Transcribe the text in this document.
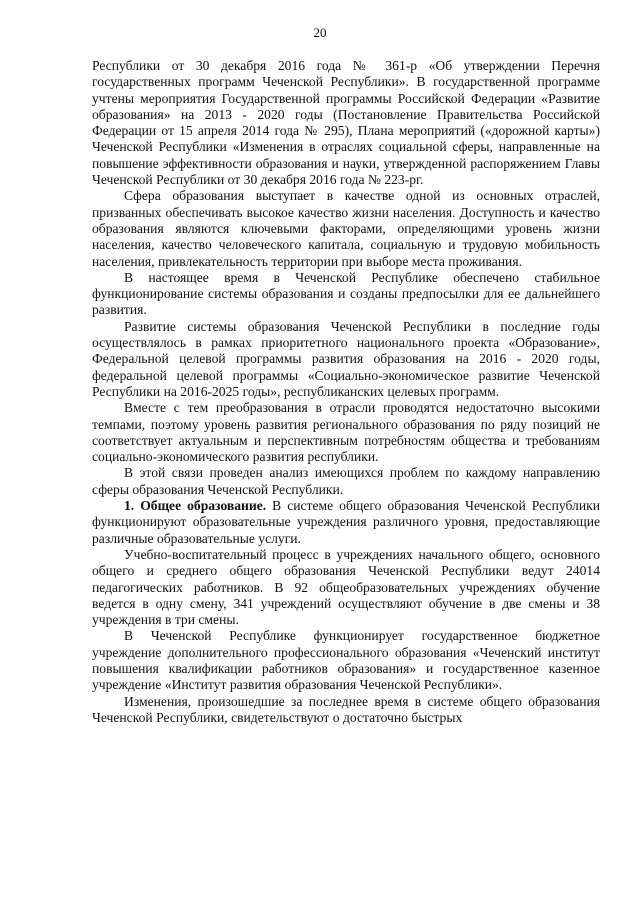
20

Республики от 30 декабря 2016 года № 361-р «Об утверждении Перечня государственных программ Чеченской Республики». В государственной программе учтены мероприятия Государственной программы Российской Федерации «Развитие образования» на 2013 - 2020 годы (Постановление Правительства Российской Федерации от 15 апреля 2014 года № 295), Плана мероприятий («дорожной карты») Чеченской Республики «Изменения в отраслях социальной сферы, направленные на повышение эффективности образования и науки, утвержденной распоряжением Главы Чеченской Республики от 30 декабря 2016 года № 223-рг.

Сфера образования выступает в качестве одной из основных отраслей, призванных обеспечивать высокое качество жизни населения. Доступность и качество образования являются ключевыми факторами, определяющими уровень жизни населения, качество человеческого капитала, социальную и трудовую мобильность населения, привлекательность территории при выборе места проживания.

В настоящее время в Чеченской Республике обеспечено стабильное функционирование системы образования и созданы предпосылки для ее дальнейшего развития.

Развитие системы образования Чеченской Республики в последние годы осуществлялось в рамках приоритетного национального проекта «Образование», Федеральной целевой программы развития образования на 2016 - 2020 годы, федеральной целевой программы «Социально-экономическое развитие Чеченской Республики на 2016-2025 годы», республиканских целевых программ.

Вместе с тем преобразования в отрасли проводятся недостаточно высокими темпами, поэтому уровень развития регионального образования по ряду позиций не соответствует актуальным и перспективным потребностям общества и требованиям социально-экономического развития республики.

В этой связи проведен анализ имеющихся проблем по каждому направлению сферы образования Чеченской Республики.

1. Общее образование. В системе общего образования Чеченской Республики функционируют образовательные учреждения различного уровня, предоставляющие различные образовательные услуги.

Учебно-воспитательный процесс в учреждениях начального общего, основного общего и среднего общего образования Чеченской Республики ведут 24014 педагогических работников. В 92 общеобразовательных учреждениях обучение ведется в одну смену, 341 учреждений осуществляют обучение в две смены и 38 учреждения в три смены.

В Чеченской Республике функционирует государственное бюджетное учреждение дополнительного профессионального образования «Чеченский институт повышения квалификации работников образования» и государственное казенное учреждение «Институт развития образования Чеченской Республики».

Изменения, произошедшие за последнее время в системе общего образования Чеченской Республики, свидетельствуют о достаточно быстрых
